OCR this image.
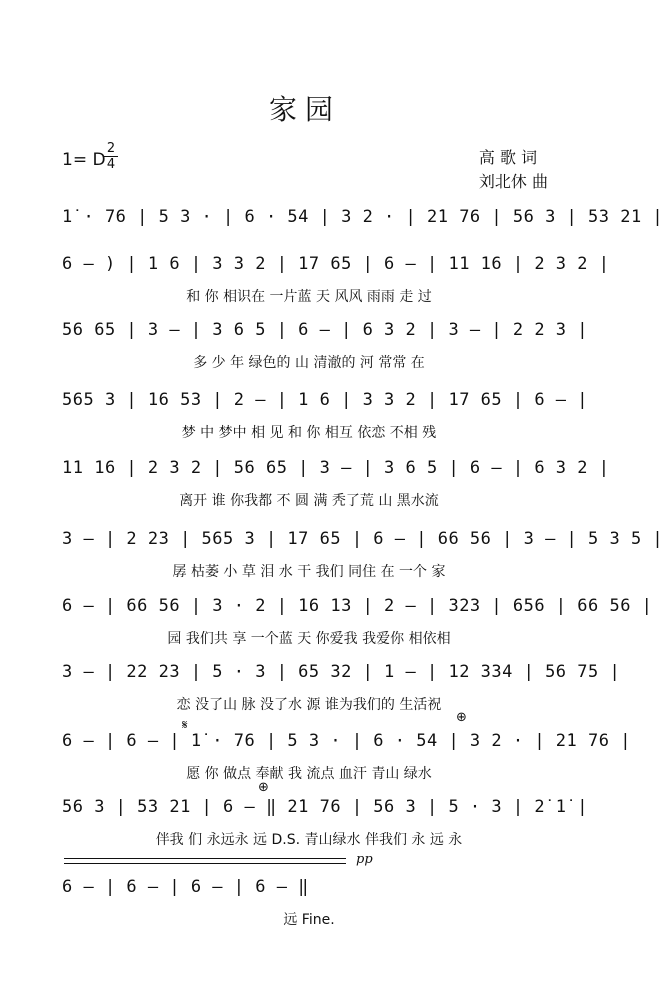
家园
1= D
2
4	高 歌 词
刘北休 曲
1̇ · 76 | 5 3 · | 6 · 54 | 3 2 · | 2̇1 76 | 56 3 | 53 21 |
6 – ) | 1 6 | 3 3 2 | 17 65 | 6 – | 11 16 | 2 3 2 |
和 你 相识在 一片蓝 天 风风 雨雨 走 过
56 65 | 3 – | 3 6 5 | 6 – | 6 3 2 | 3 – | 2 2 3 |
多 少 年 绿色的 山 清澈的 河 常常 在
565 3 | 16 53 | 2 – | 1 6 | 3 3 2 | 17 65 | 6 – |
梦 中 梦中 相 见 和 你 相互 依恋 不相 残
11 16 | 2 3 2 | 56 65 | 3 – | 3 6 5 | 6 – | 6 3 2 |
离开 谁 你我都 不 圆 满 秃了荒 山 黑水流
3 – | 2 23 | 565 3 | 17 65 | 6 – | 66 56 | 3 – | 5 3 5 |
孱 枯萎 小 草 泪 水 干 我们 同住 在 一个 家
6 – | 66 56 | 3 · 2 | 16 13 | 2 – | 323 | 656 | 66 56 |
园 我们共 享 一个蓝 天 你爱我 我爱你 相依相
3 – | 22 23 | 5 · 3 | 65 32 | 1 – | 12 334 | 56 75 |
恋 没了山 脉 没了水 源 谁为我们的 生活祝
6 – | 6 – | 1̇ · 76 | 5 3 · | 6 · 54 | 3 2 · | 2̇1 76 |
愿 你 做点 奉献 我 流点 血汗 青山 绿水
56 3 | 53 21 | 6 – ‖ 2̇1 76 | 56 3 | 5 · 3 | 2̇ 1̇ |
伴我 们 永远永 远 D.S. 青山绿水 伴我们 永 远 永
6 – | 6 – | 6 – | 6 – ‖
远 Fine.
𝄋
⊕
⊕
pp
